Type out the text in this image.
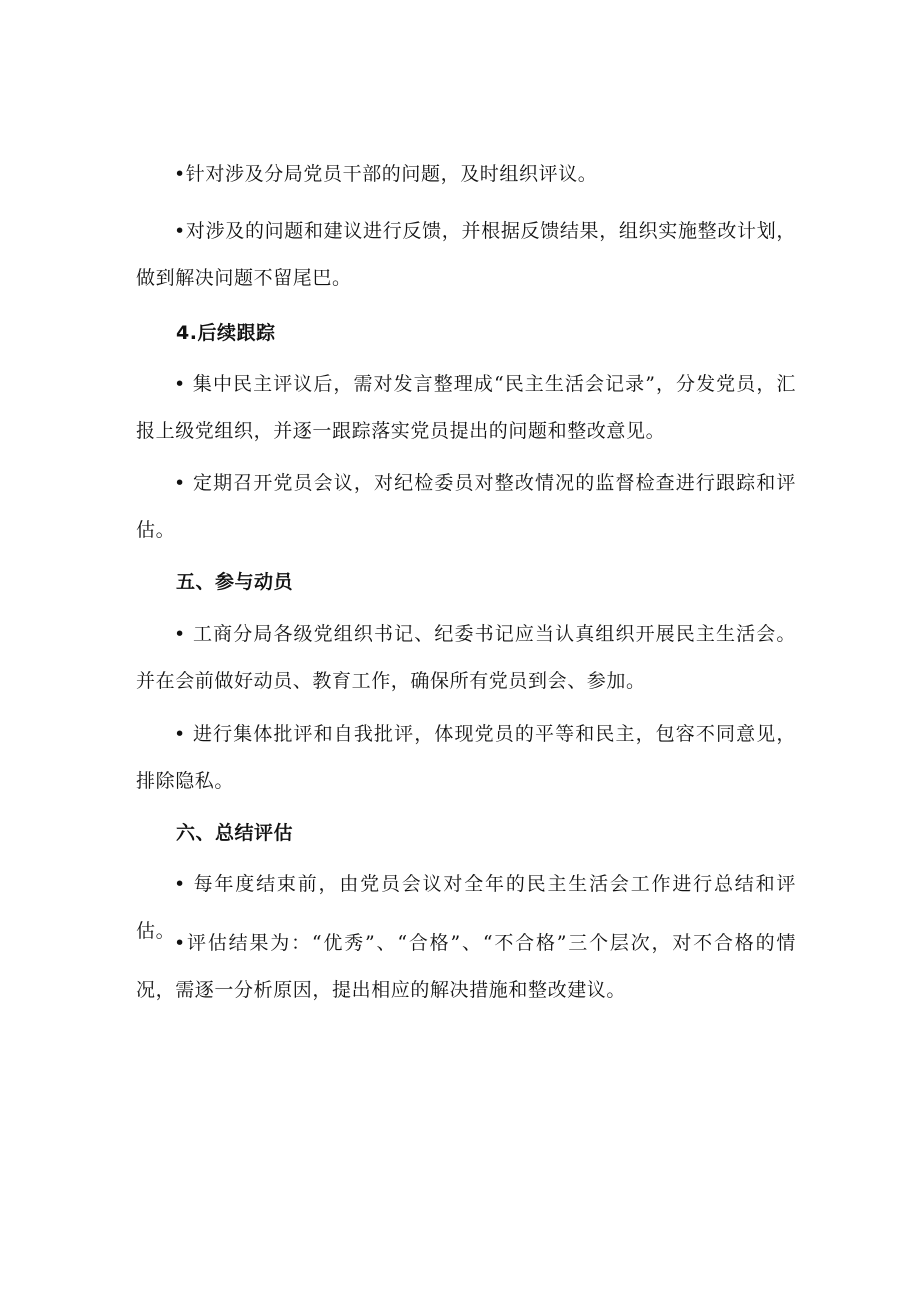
•针对涉及分局党员干部的问题，及时组织评议。

•对涉及的问题和建议进行反馈，并根据反馈结果，组织实施整改计划，做到解决问题不留尾巴。

4.后续跟踪

• 集中民主评议后，需对发言整理成“民主生活会记录”，分发党员，汇报上级党组织，并逐一跟踪落实党员提出的问题和整改意见。

• 定期召开党员会议，对纪检委员对整改情况的监督检查进行跟踪和评估。

五、参与动员

• 工商分局各级党组织书记、纪委书记应当认真组织开展民主生活会。并在会前做好动员、教育工作，确保所有党员到会、参加。

• 进行集体批评和自我批评，体现党员的平等和民主，包容不同意见，排除隐私。

六、总结评估

• 每年度结束前，由党员会议对全年的民主生活会工作进行总结和评估。

•评估结果为：“优秀”、“合格”、“不合格”三个层次，对不合格的情况，需逐一分析原因，提出相应的解决措施和整改建议。
